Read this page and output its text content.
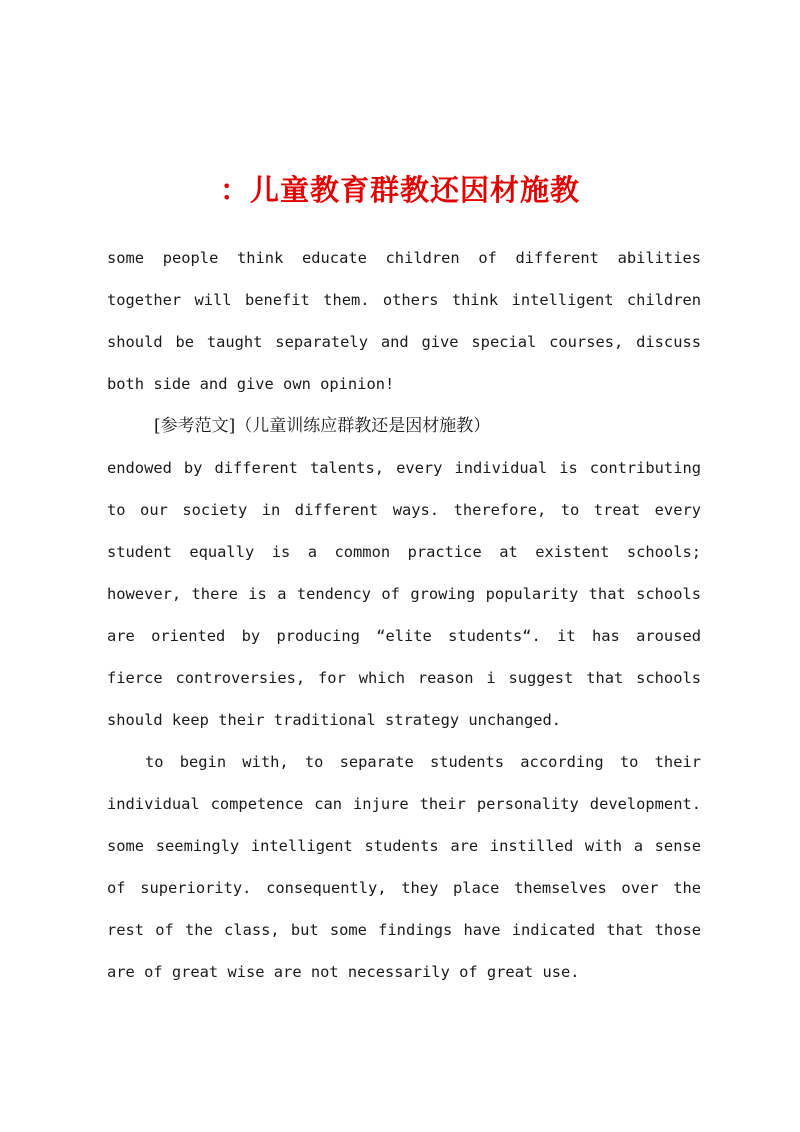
：儿童教育群教还因材施教

some people think educate children of different abilities together will benefit them. others think intelligent children should be taught separately and give special courses, discuss both side and give own opinion!

[参考范文]（儿童训练应群教还是因材施教）

endowed by different talents, every individual is contributing to our society in different ways. therefore, to treat every student equally is a common practice at existent schools; however, there is a tendency of growing popularity that schools are oriented by producing “elite students“. it has aroused fierce controversies, for which reason i suggest that schools should keep their traditional strategy unchanged.

to begin with, to separate students according to their individual competence can injure their personality development. some seemingly intelligent students are instilled with a sense of superiority. consequently, they place themselves over the rest of the class, but some findings have indicated that those are of great wise are not necessarily of great use.
